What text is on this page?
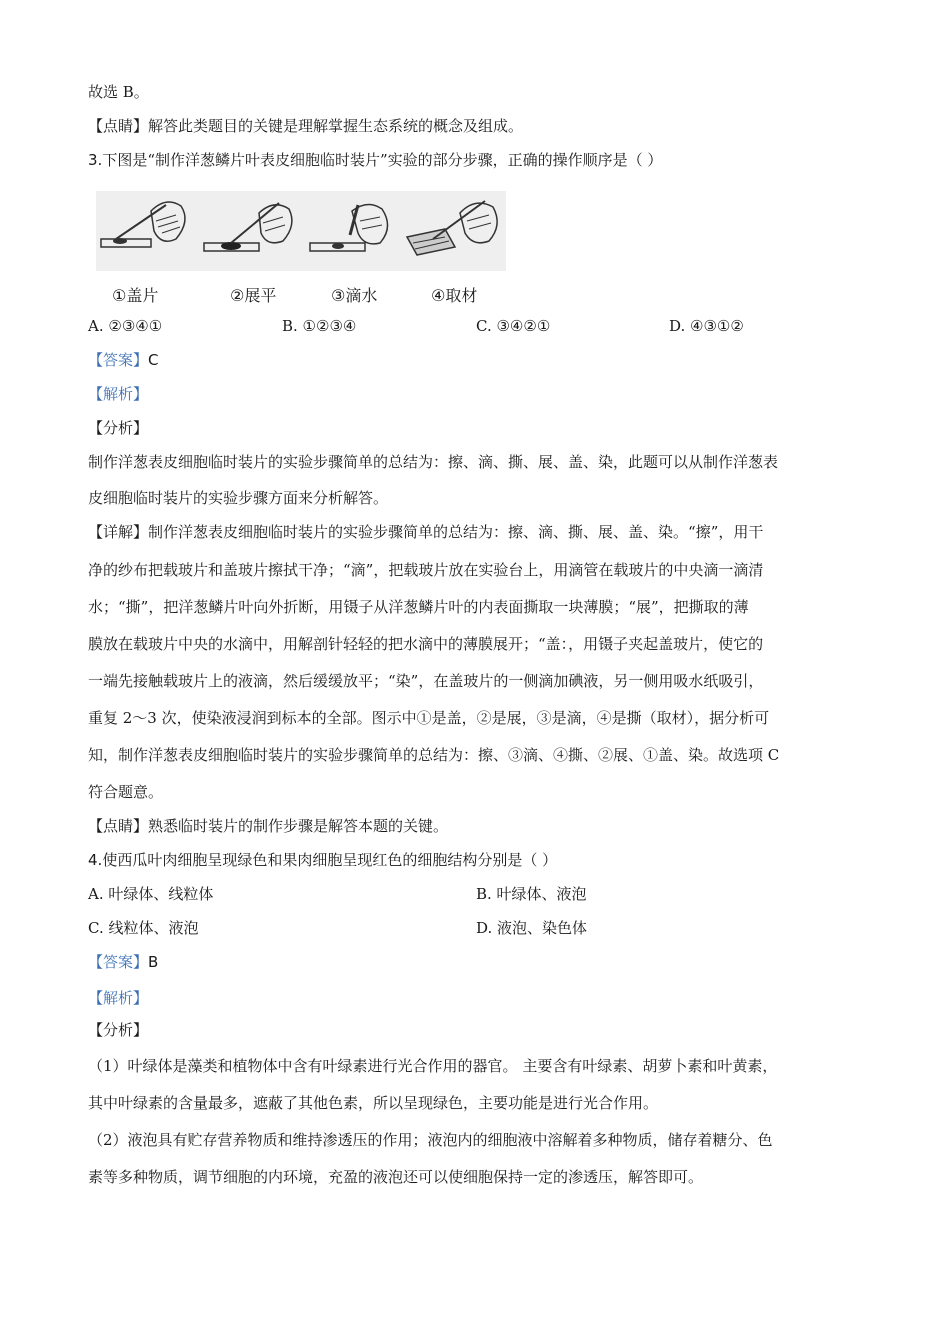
故选 B。
【点睛】解答此类题目的关键是理解掌握生态系统的概念及组成。
3.下图是“制作洋葱鳞片叶表皮细胞临时装片”实验的部分步骤，正确的操作顺序是（ ）
①盖片	②展平	③滴水	④取材
A. ②③④①	B. ①②③④	C. ③④②①	D. ④③①②
【答案】C
【解析】
【分析】
制作洋葱表皮细胞临时装片的实验步骤简单的总结为：擦、滴、撕、展、盖、染，此题可以从制作洋葱表
皮细胞临时装片的实验步骤方面来分析解答。
【详解】制作洋葱表皮细胞临时装片的实验步骤简单的总结为：擦、滴、撕、展、盖、染。“擦”，用干
净的纱布把载玻片和盖玻片擦拭干净；“滴”，把载玻片放在实验台上，用滴管在载玻片的中央滴一滴清
水；“撕”，把洋葱鳞片叶向外折断，用镊子从洋葱鳞片叶的内表面撕取一块薄膜；“展”，把撕取的薄
膜放在载玻片中央的水滴中，用解剖针轻轻的把水滴中的薄膜展开；“盖：，用镊子夹起盖玻片，使它的
一端先接触载玻片上的液滴，然后缓缓放平；“染”，在盖玻片的一侧滴加碘液，另一侧用吸水纸吸引，
重复 2～3 次，使染液浸润到标本的全部。图示中①是盖，②是展，③是滴，④是撕（取材），据分析可
知，制作洋葱表皮细胞临时装片的实验步骤简单的总结为：擦、③滴、④撕、②展、①盖、染。故选项 C
符合题意。
【点睛】熟悉临时装片的制作步骤是解答本题的关键。
4.使西瓜叶肉细胞呈现绿色和果肉细胞呈现红色的细胞结构分别是（ ）
A. 叶绿体、线粒体	B. 叶绿体、液泡
C. 线粒体、液泡	D. 液泡、染色体
【答案】B
【解析】
【分析】
（1）叶绿体是藻类和植物体中含有叶绿素进行光合作用的器官。 主要含有叶绿素、胡萝卜素和叶黄素，
其中叶绿素的含量最多，遮蔽了其他色素，所以呈现绿色，主要功能是进行光合作用。
（2）液泡具有贮存营养物质和维持渗透压的作用；液泡内的细胞液中溶解着多种物质，储存着糖分、色
素等多种物质，调节细胞的内环境，充盈的液泡还可以使细胞保持一定的渗透压，解答即可。
